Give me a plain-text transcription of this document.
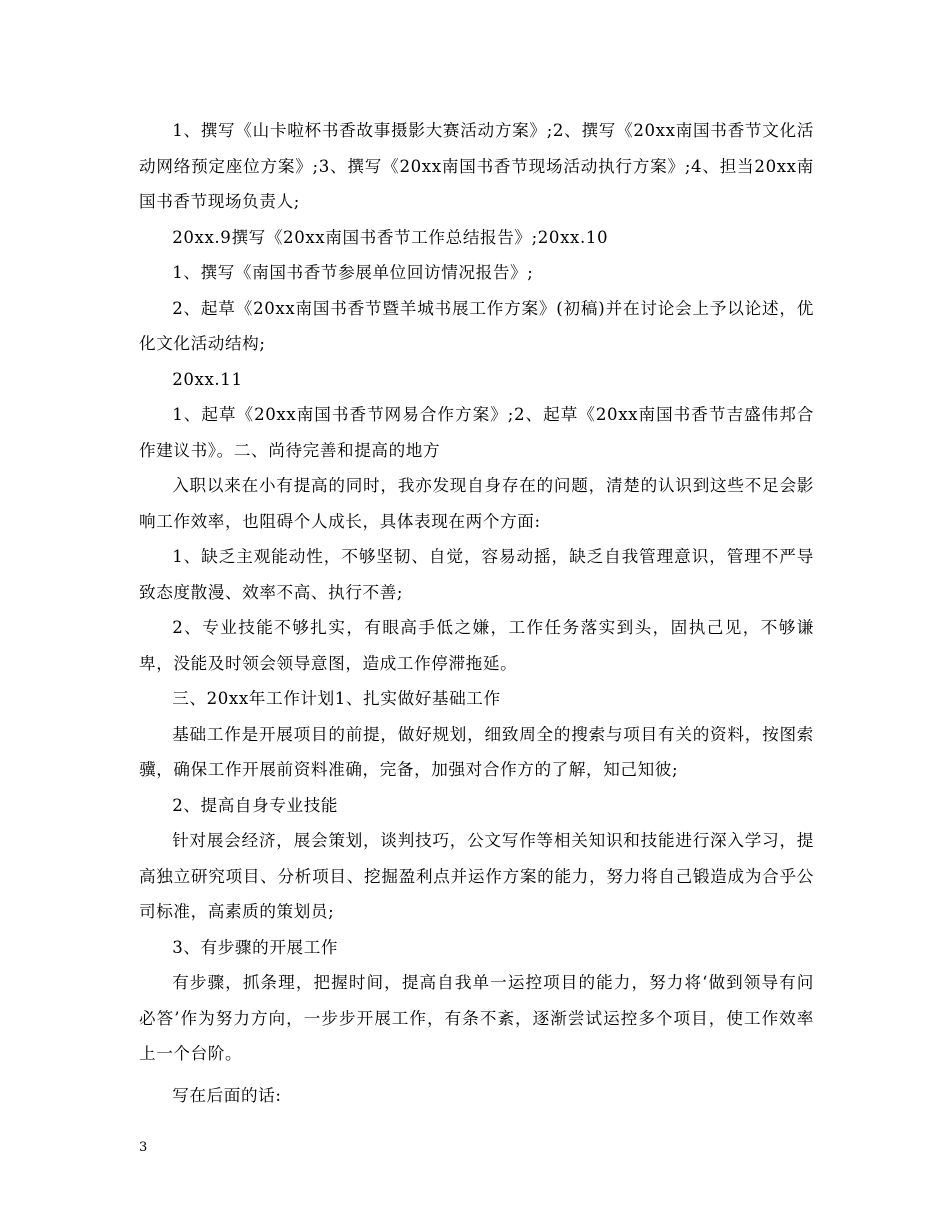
1、撰写《山卡啦杯书香故事摄影大赛活动方案》;2、撰写《20xx南国书香节文化活动网络预定座位方案》;3、撰写《20xx南国书香节现场活动执行方案》;4、担当20xx南国书香节现场负责人;

20xx.9撰写《20xx南国书香节工作总结报告》;20xx.10

1、撰写《南国书香节参展单位回访情况报告》;

2、起草《20xx南国书香节暨羊城书展工作方案》(初稿)并在讨论会上予以论述，优化文化活动结构;

20xx.11

1、起草《20xx南国书香节网易合作方案》;2、起草《20xx南国书香节吉盛伟邦合作建议书》。二、尚待完善和提高的地方

入职以来在小有提高的同时，我亦发现自身存在的问题，清楚的认识到这些不足会影响工作效率，也阻碍个人成长，具体表现在两个方面:

1、缺乏主观能动性，不够坚韧、自觉，容易动摇，缺乏自我管理意识，管理不严导致态度散漫、效率不高、执行不善;

2、专业技能不够扎实，有眼高手低之嫌，工作任务落实到头，固执己见，不够谦卑，没能及时领会领导意图，造成工作停滞拖延。

三、20xx年工作计划1、扎实做好基础工作

基础工作是开展项目的前提，做好规划，细致周全的搜索与项目有关的资料，按图索骥，确保工作开展前资料准确，完备，加强对合作方的了解，知己知彼;

2、提高自身专业技能

针对展会经济，展会策划，谈判技巧，公文写作等相关知识和技能进行深入学习，提高独立研究项目、分析项目、挖掘盈利点并运作方案的能力，努力将自己锻造成为合乎公司标准，高素质的策划员;

3、有步骤的开展工作

有步骤，抓条理，把握时间，提高自我单一运控项目的能力，努力将‘做到领导有问必答’作为努力方向，一步步开展工作，有条不紊，逐渐尝试运控多个项目，使工作效率上一个台阶。

写在后面的话:

3
